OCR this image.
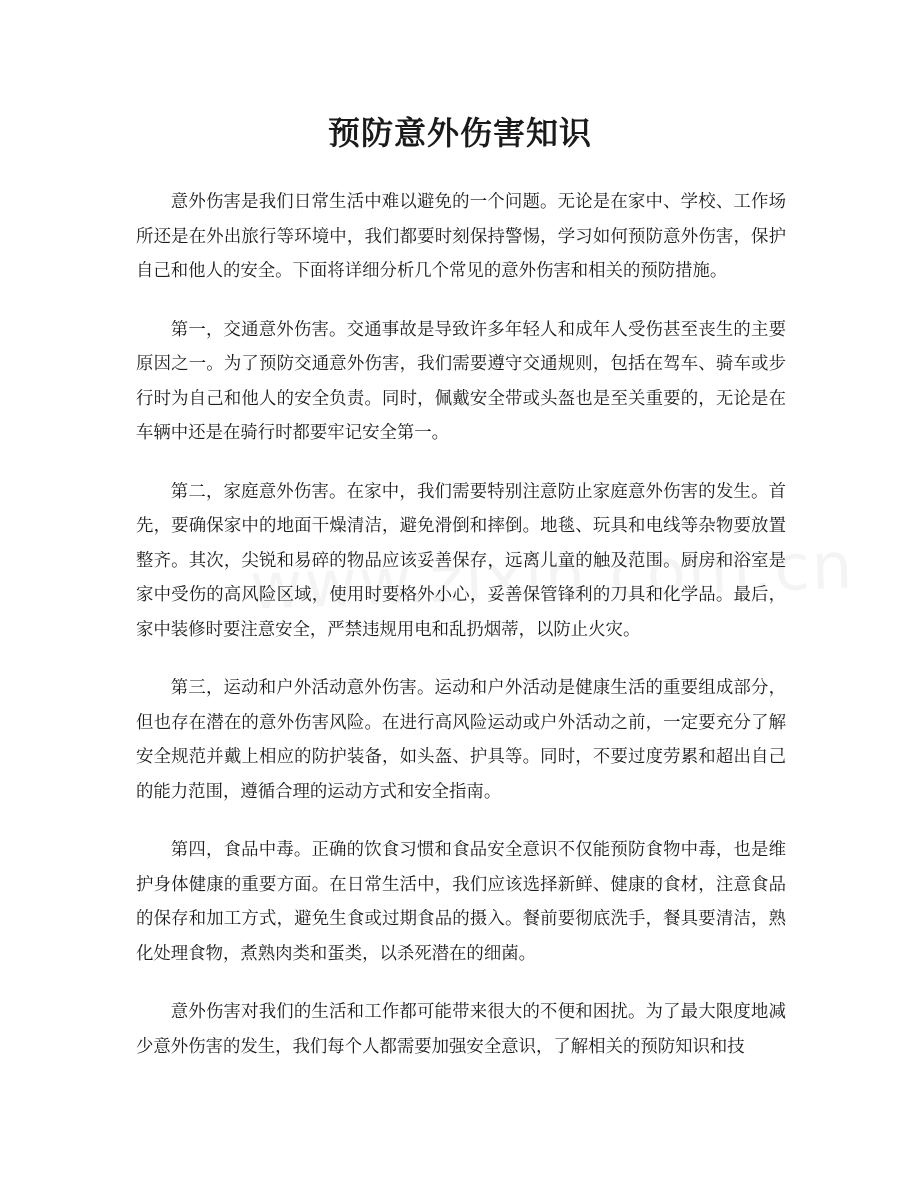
预防意外伤害知识

意外伤害是我们日常生活中难以避免的一个问题。无论是在家中、学校、工作场所还是在外出旅行等环境中，我们都要时刻保持警惕，学习如何预防意外伤害，保护自己和他人的安全。下面将详细分析几个常见的意外伤害和相关的预防措施。

第一，交通意外伤害。交通事故是导致许多年轻人和成年人受伤甚至丧生的主要原因之一。为了预防交通意外伤害，我们需要遵守交通规则，包括在驾车、骑车或步行时为自己和他人的安全负责。同时，佩戴安全带或头盔也是至关重要的，无论是在车辆中还是在骑行时都要牢记安全第一。

第二，家庭意外伤害。在家中，我们需要特别注意防止家庭意外伤害的发生。首先，要确保家中的地面干燥清洁，避免滑倒和摔倒。地毯、玩具和电线等杂物要放置整齐。其次，尖锐和易碎的物品应该妥善保存，远离儿童的触及范围。厨房和浴室是家中受伤的高风险区域，使用时要格外小心，妥善保管锋利的刀具和化学品。最后，家中装修时要注意安全，严禁违规用电和乱扔烟蒂，以防止火灾。

第三，运动和户外活动意外伤害。运动和户外活动是健康生活的重要组成部分，但也存在潜在的意外伤害风险。在进行高风险运动或户外活动之前，一定要充分了解安全规范并戴上相应的防护装备，如头盔、护具等。同时，不要过度劳累和超出自己的能力范围，遵循合理的运动方式和安全指南。

第四，食品中毒。正确的饮食习惯和食品安全意识不仅能预防食物中毒，也是维护身体健康的重要方面。在日常生活中，我们应该选择新鲜、健康的食材，注意食品的保存和加工方式，避免生食或过期食品的摄入。餐前要彻底洗手，餐具要清洁，熟化处理食物，煮熟肉类和蛋类，以杀死潜在的细菌。

意外伤害对我们的生活和工作都可能带来很大的不便和困扰。为了最大限度地减少意外伤害的发生，我们每个人都需要加强安全意识，了解相关的预防知识和技
